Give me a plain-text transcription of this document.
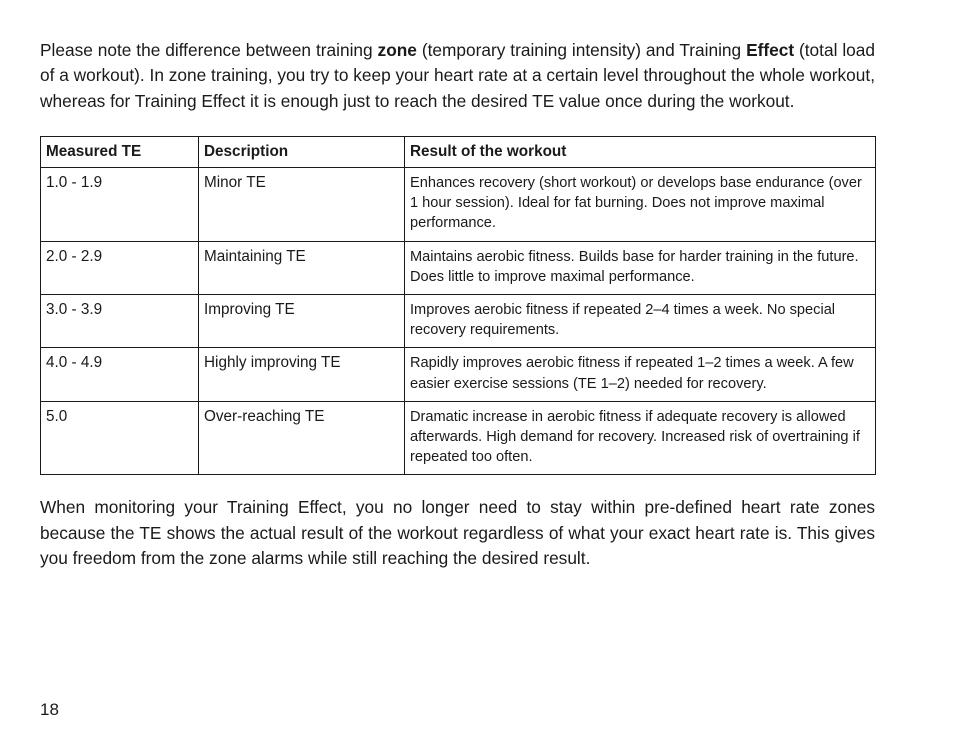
Please note the difference between training zone (temporary training intensity) and Training Effect (total load of a workout). In zone training, you try to keep your heart rate at a certain level throughout the whole workout, whereas for Training Effect it is enough just to reach the desired TE value once during the workout.

Measured TE	Description	Result of the workout
1.0 - 1.9	Minor TE	Enhances recovery (short workout) or develops base endurance (over 1 hour session). Ideal for fat burning. Does not improve maximal performance.
2.0 - 2.9	Maintaining TE	Maintains aerobic fitness. Builds base for harder training in the future. Does little to improve maximal performance.
3.0 - 3.9	Improving TE	Improves aerobic fitness if repeated 2–4 times a week. No special recovery requirements.
4.0 - 4.9	Highly improving TE	Rapidly improves aerobic fitness if repeated 1–2 times a week. A few easier exercise sessions (TE 1–2) needed for recovery.
5.0	Over-reaching TE	Dramatic increase in aerobic fitness if adequate recovery is allowed afterwards. High demand for recovery. Increased risk of overtraining if repeated too often.

When monitoring your Training Effect, you no longer need to stay within pre-defined heart rate zones because the TE shows the actual result of the workout regardless of what your exact heart rate is. This gives you freedom from the zone alarms while still reaching the desired result.

18
